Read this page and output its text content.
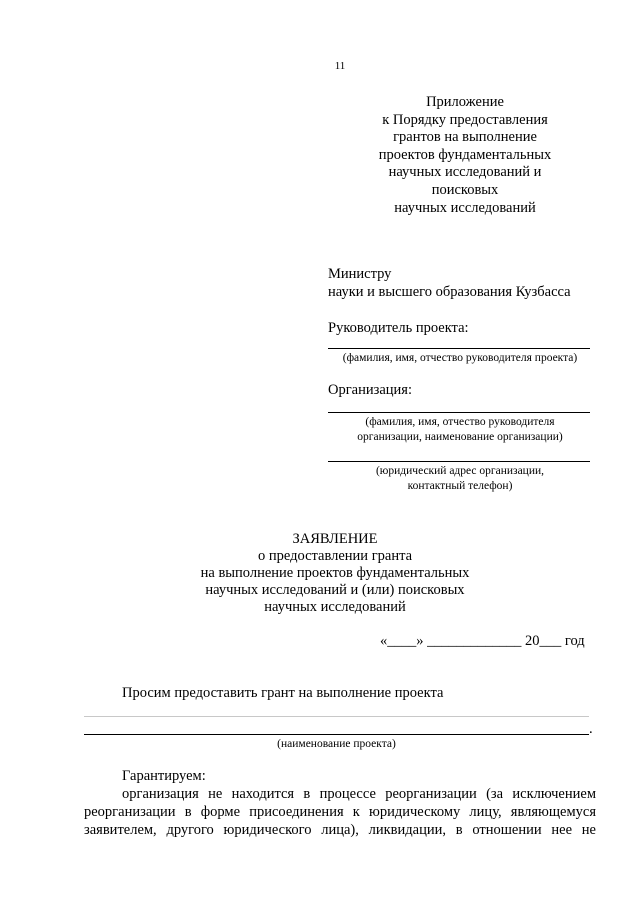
11
Приложение
к Порядку предоставления
грантов на выполнение
проектов фундаментальных
научных исследований и
поисковых
научных исследований
Министру
науки и высшего образования Кузбасса
Руководитель проекта:
(фамилия, имя, отчество руководителя проекта)
Организация:
(фамилия, имя, отчество руководителя
организации, наименование организации)
(юридический адрес организации,
контактный телефон)
ЗАЯВЛЕНИЕ
о предоставлении гранта
на выполнение проектов фундаментальных
научных исследований и (или) поисковых
научных исследований
«____» _____________ 20___ год
Просим предоставить грант на выполнение проекта
.
(наименование проекта)
Гарантируем:
организация не находится в процессе реорганизации (за исключением
реорганизации в форме присоединения к юридическому лицу, являющемуся
заявителем, другого юридического лица), ликвидации, в отношении нее не
